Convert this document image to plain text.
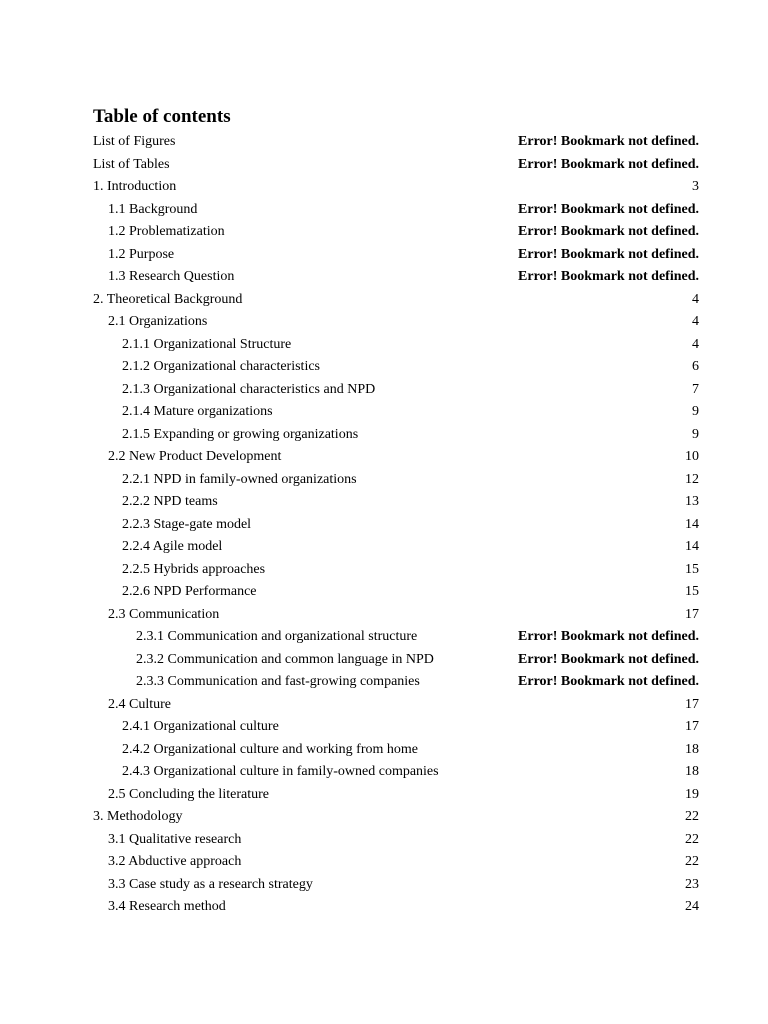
Table of contents
List of Figures	Error! Bookmark not defined.
List of Tables	Error! Bookmark not defined.
1. Introduction	3
1.1 Background	Error! Bookmark not defined.
1.2 Problematization	Error! Bookmark not defined.
1.2 Purpose	Error! Bookmark not defined.
1.3 Research Question	Error! Bookmark not defined.
2. Theoretical Background	4
2.1 Organizations	4
2.1.1 Organizational Structure	4
2.1.2 Organizational characteristics	6
2.1.3 Organizational characteristics and NPD	7
2.1.4 Mature organizations	9
2.1.5 Expanding or growing organizations	9
2.2 New Product Development	10
2.2.1 NPD in family-owned organizations	12
2.2.2 NPD teams	13
2.2.3 Stage-gate model	14
2.2.4 Agile model	14
2.2.5 Hybrids approaches	15
2.2.6 NPD Performance	15
2.3 Communication	17
2.3.1 Communication and organizational structure	Error! Bookmark not defined.
2.3.2 Communication and common language in NPD	Error! Bookmark not defined.
2.3.3 Communication and fast-growing companies	Error! Bookmark not defined.
2.4 Culture	17
2.4.1 Organizational culture	17
2.4.2 Organizational culture and working from home	18
2.4.3 Organizational culture in family-owned companies	18
2.5 Concluding the literature	19
3. Methodology	22
3.1 Qualitative research	22
3.2 Abductive approach	22
3.3 Case study as a research strategy	23
3.4 Research method	24
